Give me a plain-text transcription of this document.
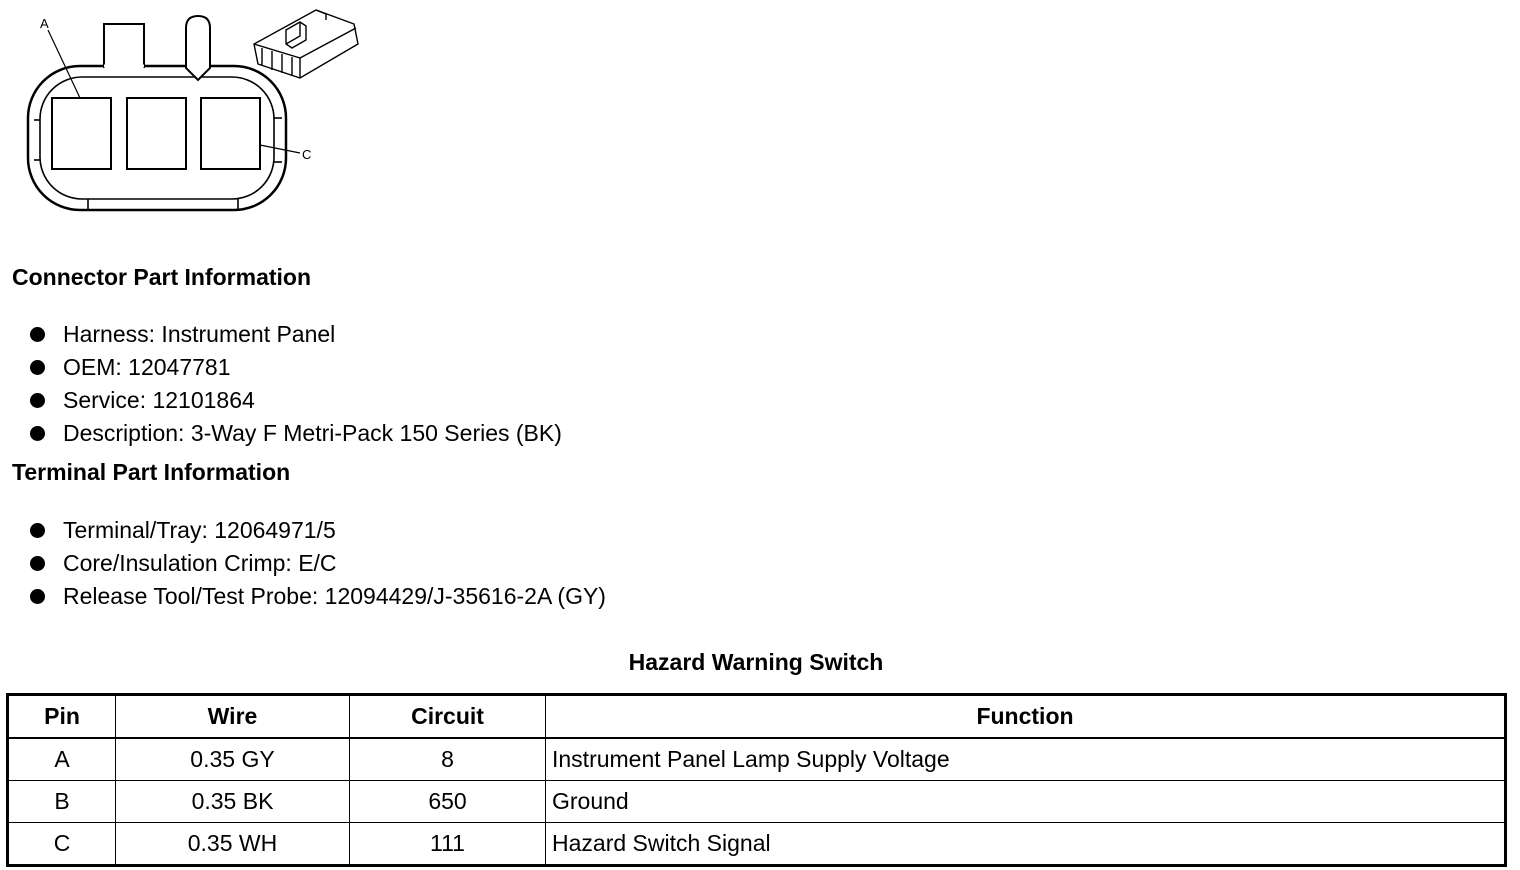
A
C
Connector Part Information
Harness: Instrument Panel
OEM: 12047781
Service: 12101864
Description: 3-Way F Metri-Pack 150 Series (BK)
Terminal Part Information
Terminal/Tray: 12064971/5
Core/Insulation Crimp: E/C
Release Tool/Test Probe: 12094429/J-35616-2A (GY)
Hazard Warning Switch
Pin	Wire	Circuit	Function
A	0.35 GY	8	Instrument Panel Lamp Supply Voltage
B	0.35 BK	650	Ground
C	0.35 WH	111	Hazard Switch Signal
